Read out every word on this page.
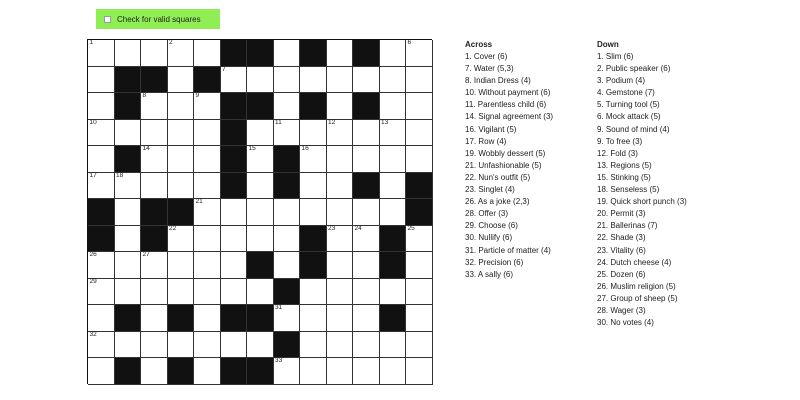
Check for valid squares
1	2	6
7
8	9
10	11	12	13
14	15	16
17	18
21
22	23	24	25
26	27
29
31
32
33
Across
1. Cover (6)
7. Water (5,3)
8. Indian Dress (4)
10. Without payment (6)
11. Parentless child (6)
14. Signal agreement (3)
16. Vigilant (5)
17. Row (4)
19. Wobbly dessert (5)
21. Unfashionable (5)
22. Nun's outfit (5)
23. Singlet (4)
26. As a joke (2,3)
28. Offer (3)
29. Choose (6)
30. Nullify (6)
31. Particle of matter (4)
32. Precision (6)
33. A sally (6)
Down
1. Slim (6)
2. Public speaker (6)
3. Podium (4)
4. Gemstone (7)
5. Turning tool (5)
6. Mock attack (5)
9. Sound of mind (4)
9. To free (3)
12. Fold (3)
13. Regions (5)
15. Stinking (5)
18. Senseless (5)
19. Quick short punch (3)
20. Permit (3)
21. Ballerinas (7)
22. Shade (3)
23. Vitality (6)
24. Dutch cheese (4)
25. Dozen (6)
26. Muslim religion (5)
27. Group of sheep (5)
28. Wager (3)
30. No votes (4)
